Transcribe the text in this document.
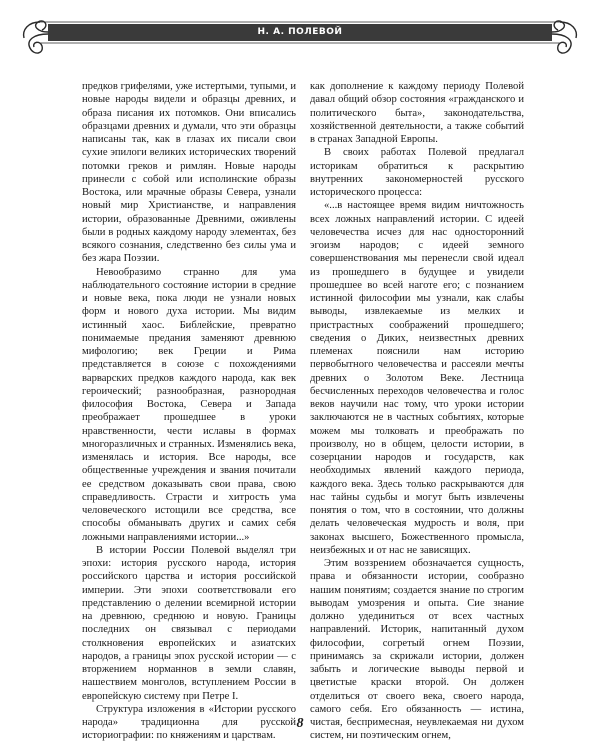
Н. А. ПОЛЕВОЙ

предков грифелями, уже истертыми, тупыми, и новые народы видели и образцы древних, и образа писания их потомков. Они вписались образцами древних и думали, что эти образцы написаны так, как в глазах их писали свои сухие эпилоги великих исторических творений потомки греков и римлян. Новые народы принесли с собой или исполинские образы Востока, или мрачные образы Севера, узнали новый мир Христианстве, и направления истории, образованные Древними, оживлены были в родных каждому народу элементах, без всякого сознания, следственно без силы ума и без жара Поэзии.

Невообразимо странно для ума наблюдательного состояние истории в средние и новые века, пока люди не узнали новых форм и нового духа истории. Мы видим истинный хаос. Библейские, превратно понимаемые предания заменяют древнюю мифологию; век Греции и Рима представляется в союзе с похождениями варварских предков каждого народа, как век героический; разнообразная, разнородная философия Востока, Севера и Запада преображает прошедшее в уроки нравственности, чести иславы в формах многоразличных и странных. Изменялись века, изменялась и история. Все народы, все общественные учреждения и звания почитали ее средством доказывать свои права, свою справедливость. Страсти и хитрость ума человеческого истощили все средства, все способы обманывать других и самих себя ложными направлениями истории...»

В истории России Полевой выделял три эпохи: история русского народа, история российского царства и история российской империи. Эти эпохи соответствовали его представлению о делении всемирной истории на древнюю, среднюю и новую. Границы последних он связывал с периодами столкновения европейских и азиатских народов, а границы эпох русской истории — с вторжением норманнов в земли славян, нашествием монголов, вступлением России в европейскую систему при Петре I.

Структура изложения в «Истории русского народа» традиционна для русской историографии: по княжениям и царствам.

как дополнение к каждому периоду Полевой давал общий обзор состояния «гражданского и политического быта», законодательства, хозяйственной деятельности, а также событий в странах Западной Европы.

В своих работах Полевой предлагал историкам обратиться к раскрытию внутренних закономерностей русского исторического процесса:

«...в настоящее время видим ничтожность всех ложных направлений истории. С идеей человечества исчез для нас односторонний эгоизм народов; с идеей земного совершенствования мы перенесли свой идеал из прошедшего в будущее и увидели прошедшее во всей наготе его; с познанием истинной философии мы узнали, как слабы выводы, извлекаемые из мелких и пристрастных соображений прошедшего; сведения о Диких, неизвестных древних племенах пояснили нам историю первобытного человечества и рассеяли мечты древних о Золотом Веке. Лестница бесчисленных переходов человечества и голос веков научили нас тому, что уроки истории заключаются не в частных событиях, которые можем мы толковать и преображать по произволу, но в общем, целости истории, в созерцании народов и государств, как необходимых явлений каждого периода, каждого века. Здесь только раскрываются для нас тайны судьбы и могут быть извлечены понятия о том, что в состоянии, что должны делать человеческая мудрость и воля, при законах высшего, Божественного промысла, неизбежных и от нас не зависящих.

Этим воззрением обозначается сущность, права и обязанности истории, сообразно нашим понятиям; создается знание по строгим выводам умозрения и опыта. Сие знание должно удединиться от всех частных направлений. Историк, напитанный духом философии, согретый огнем Поэзии, принимаясь за скрижали истории, должен забыть и логические выводы первой и цветистые краски второй. Он должен отделиться от своего века, своего народа, самого себя. Его обязанность — истина, чистая, беспримесная, неувлекаемая ни духом систем, ни поэтическим огнем,

8
